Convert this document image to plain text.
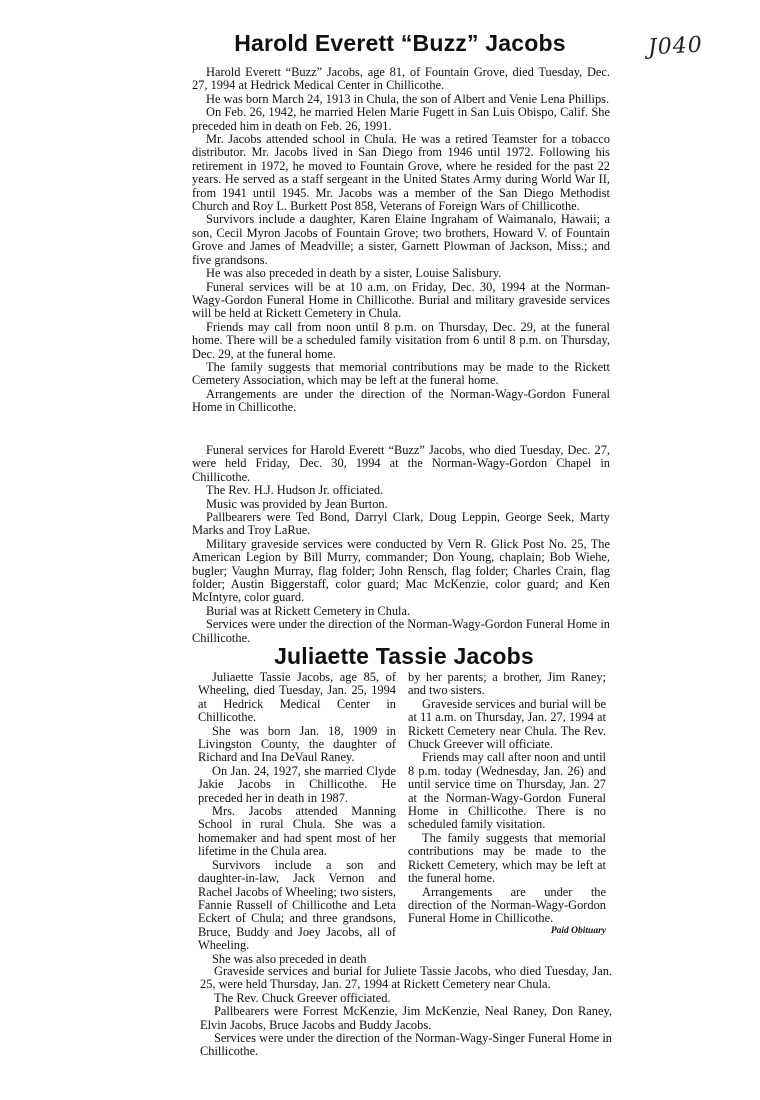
J040
Harold Everett “Buzz” Jacobs

Harold Everett “Buzz” Jacobs, age 81, of Fountain Grove, died Tuesday, Dec. 27, 1994 at Hedrick Medical Center in Chillicothe.

He was born March 24, 1913 in Chula, the son of Albert and Venie Lena Phillips.

On Feb. 26, 1942, he married Helen Marie Fugett in San Luis Obispo, Calif. She preceded him in death on Feb. 26, 1991.

Mr. Jacobs attended school in Chula. He was a retired Teamster for a tobacco distributor. Mr. Jacobs lived in San Diego from 1946 until 1972. Following his retirement in 1972, he moved to Fountain Grove, where he resided for the past 22 years. He served as a staff sergeant in the United States Army during World War II, from 1941 until 1945. Mr. Jacobs was a member of the San Diego Methodist Church and Roy L. Burkett Post 858, Veterans of Foreign Wars of Chillicothe.

Survivors include a daughter, Karen Elaine Ingraham of Waimanalo, Hawaii; a son, Cecil Myron Jacobs of Fountain Grove; two brothers, Howard V. of Fountain Grove and James of Meadville; a sister, Garnett Plowman of Jackson, Miss.; and five grandsons.

He was also preceded in death by a sister, Louise Salisbury.

Funeral services will be at 10 a.m. on Friday, Dec. 30, 1994 at the Norman-Wagy-Gordon Funeral Home in Chillicothe. Burial and military graveside services will be held at Rickett Cemetery in Chula.

Friends may call from noon until 8 p.m. on Thursday, Dec. 29, at the funeral home. There will be a scheduled family visitation from 6 until 8 p.m. on Thursday, Dec. 29, at the funeral home.

The family suggests that memorial contributions may be made to the Rickett Cemetery Association, which may be left at the funeral home.

Arrangements are under the direction of the Norman-Wagy-Gordon Funeral Home in Chillicothe.

Funeral services for Harold Everett “Buzz” Jacobs, who died Tuesday, Dec. 27, were held Friday, Dec. 30, 1994 at the Norman-Wagy-Gordon Chapel in Chillicothe.

The Rev. H.J. Hudson Jr. officiated.

Music was provided by Jean Burton.

Pallbearers were Ted Bond, Darryl Clark, Doug Leppin, George Seek, Marty Marks and Troy LaRue.

Military graveside services were conducted by Vern R. Glick Post No. 25, The American Legion by Bill Murry, commander; Don Young, chaplain; Bob Wiehe, bugler; Vaughn Murray, flag folder; John Rensch, flag folder; Charles Crain, flag folder; Austin Biggerstaff, color guard; Mac McKenzie, color guard; and Ken McIntyre, color guard.

Burial was at Rickett Cemetery in Chula.

Services were under the direction of the Norman-Wagy-Gordon Funeral Home in Chillicothe.

Juliaette Tassie Jacobs

Juliaette Tassie Jacobs, age 85, of Wheeling, died Tuesday, Jan. 25, 1994 at Hedrick Medical Center in Chillicothe.

She was born Jan. 18, 1909 in Livingston County, the daughter of Richard and Ina DeVaul Raney.

On Jan. 24, 1927, she married Clyde Jakie Jacobs in Chillicothe. He preceded her in death in 1987.

Mrs. Jacobs attended Manning School in rural Chula. She was a homemaker and had spent most of her lifetime in the Chula area.

Survivors include a son and daughter-in-law, Jack Vernon and Rachel Jacobs of Wheeling; two sisters, Fannie Russell of Chillicothe and Leta Eckert of Chula; and three grandsons, Bruce, Buddy and Joey Jacobs, all of Wheeling.

She was also preceded in death

by her parents; a brother, Jim Raney; and two sisters.

Graveside services and burial will be at 11 a.m. on Thursday, Jan. 27, 1994 at Rickett Cemetery near Chula. The Rev. Chuck Greever will officiate.

Friends may call after noon and until 8 p.m. today (Wednesday, Jan. 26) and until service time on Thursday, Jan. 27 at the Norman-Wagy-Gordon Funeral Home in Chillicothe. There is no scheduled family visitation.

The family suggests that memorial contributions may be made to the Rickett Cemetery, which may be left at the funeral home.

Arrangements are under the direction of the Norman-Wagy-Gordon Funeral Home in Chillicothe.

Paid Obituary

Graveside services and burial for Juliete Tassie Jacobs, who died Tuesday, Jan. 25, were held Thursday, Jan. 27, 1994 at Rickett Cemetery near Chula.

The Rev. Chuck Greever officiated.

Pallbearers were Forrest McKenzie, Jim McKenzie, Neal Raney, Don Raney, Elvin Jacobs, Bruce Jacobs and Buddy Jacobs.

Services were under the direction of the Norman-Wagy-Singer Funeral Home in Chillicothe.
